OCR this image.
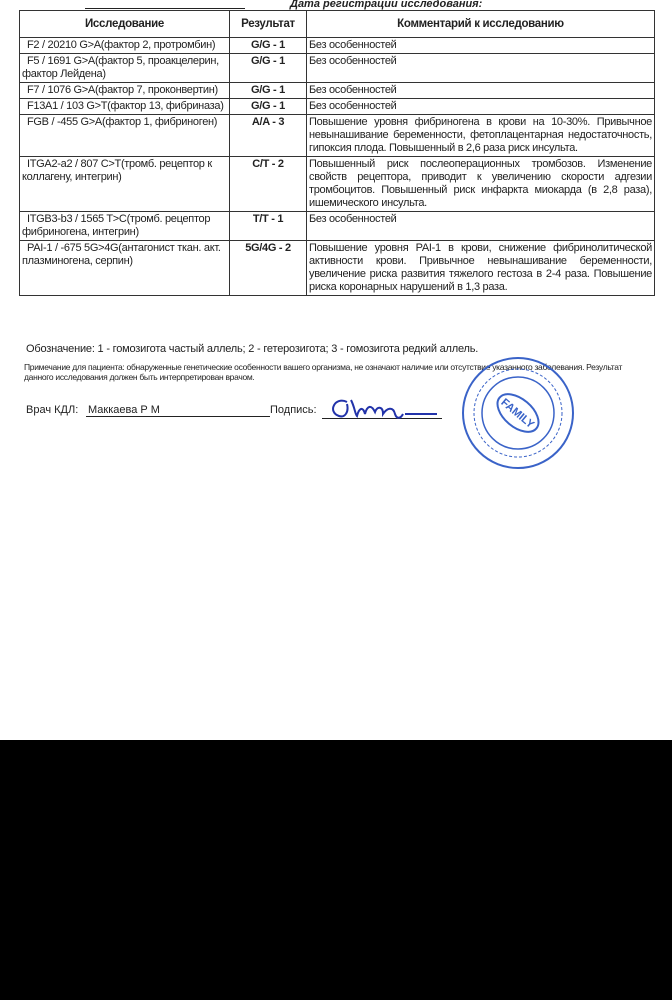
Дата регистрации исследования:
Исследование	Результат	Комментарий к исследованию
F2 / 20210 G>A(фактор 2, протромбин)	G/G - 1	Без особенностей
F5 / 1691 G>A(фактор 5, проакцелерин, фактор Лейдена)	G/G - 1	Без особенностей
F7 / 1076 G>A(фактор 7, проконвертин)	G/G - 1	Без особенностей
F13A1 / 103 G>T(фактор 13, фибриназа)	G/G - 1	Без особенностей
FGB / -455 G>A(фактор 1, фибриноген)	A/A - 3	Повышение уровня фибриногена в крови на 10-30%. Привычное невынашивание беременности, фетоплацентарная недостаточность, гипоксия плода. Повышенный в 2,6 раза риск инсульта.
ITGA2-a2 / 807 C>T(тромб. рецептор к коллагену, интегрин)	C/T - 2	Повышенный риск послеоперационных тромбозов. Изменение свойств рецептора, приводит к увеличению скорости адгезии тромбоцитов. Повышенный риск инфаркта миокарда (в 2,8 раза), ишемического инсульта.
ITGB3-b3 / 1565 T>C(тромб. рецептор фибриногена, интегрин)	T/T - 1	Без особенностей
PAI-1 / -675 5G>4G(антагонист ткан. акт. плазминогена, серпин)	5G/4G - 2	Повышение уровня PAI-1 в крови, снижение фибринолитической активности крови. Привычное невынашивание беременности, увеличение риска развития тяжелого гестоза в 2-4 раза. Повышение риска коронарных нарушений в 1,3 раза.
Обозначение: 1 - гомозигота частый аллель; 2 - гетерозигота; 3 - гомозигота редкий аллель.
Примечание для пациента: обнаруженные генетические особенности вашего организма, не означают наличие или отсутствие указанного заболевания. Результат данного исследования должен быть интерпретирован врачом.
Врач КДЛ: Маккаева Р М	Подпись:	FAMILY
